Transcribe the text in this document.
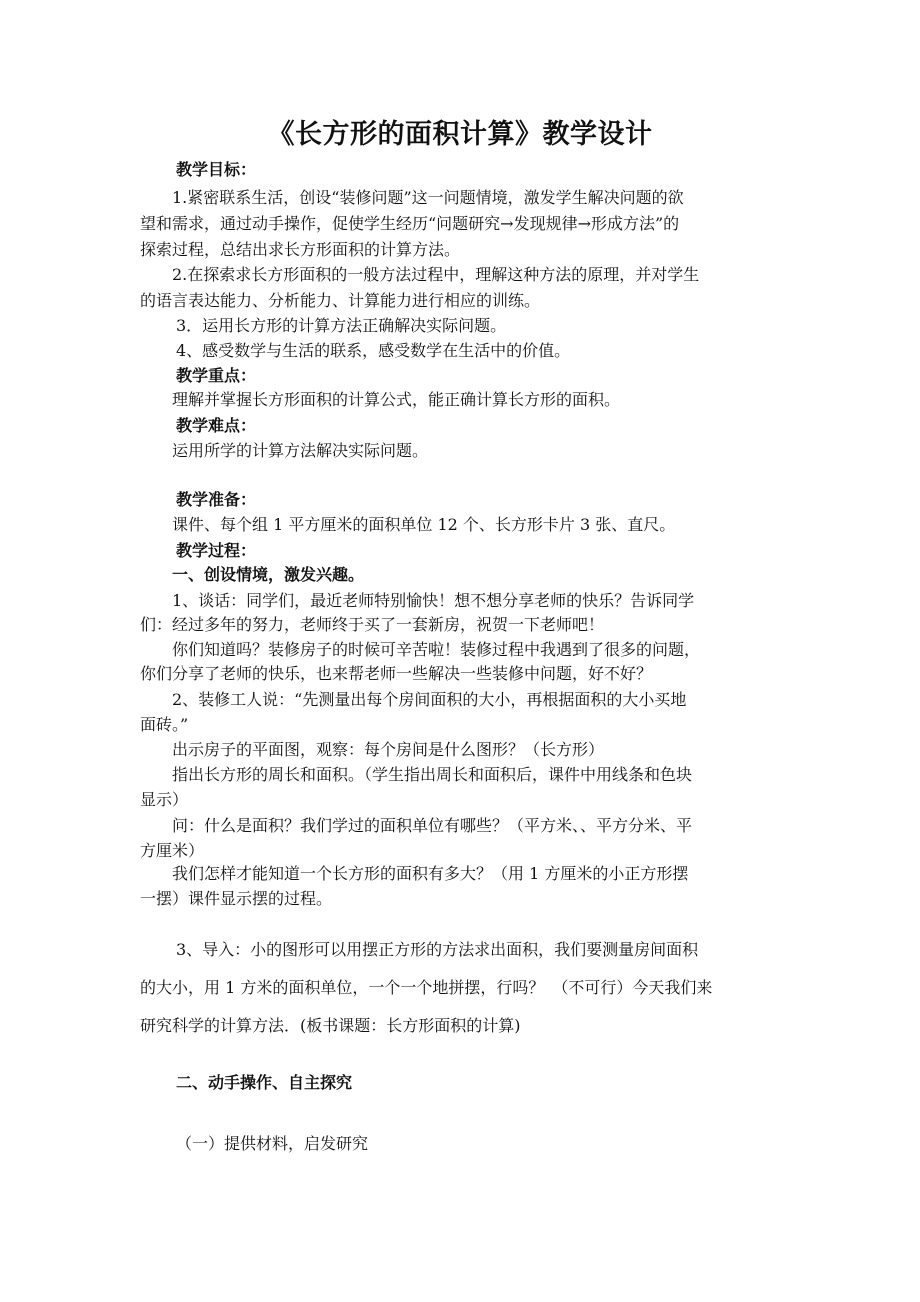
《长方形的面积计算》教学设计
教学目标：
1.紧密联系生活，创设“装修问题”这一问题情境，激发学生解决问题的欲
望和需求，通过动手操作，促使学生经历“问题研究→发现规律→形成方法”的
探索过程，总结出求长方形面积的计算方法。
2.在探索求长方形面积的一般方法过程中，理解这种方法的原理，并对学生
的语言表达能力、分析能力、计算能力进行相应的训练。
3．运用长方形的计算方法正确解决实际问题。
4、感受数学与生活的联系，感受数学在生活中的价值。
教学重点：
理解并掌握长方形面积的计算公式，能正确计算长方形的面积。
教学难点：
运用所学的计算方法解决实际问题。
教学准备：
课件、每个组 1 平方厘米的面积单位 12 个、长方形卡片 3 张、直尺。
教学过程：
一、创设情境，激发兴趣。
1、谈话：同学们，最近老师特别愉快！想不想分享老师的快乐？告诉同学
们：经过多年的努力，老师终于买了一套新房，祝贺一下老师吧！
你们知道吗？装修房子的时候可辛苦啦！装修过程中我遇到了很多的问题，
你们分享了老师的快乐，也来帮老师一些解决一些装修中问题，好不好？
2、装修工人说：“先测量出每个房间面积的大小，再根据面积的大小买地
面砖。”
出示房子的平面图，观察：每个房间是什么图形？（长方形）
指出长方形的周长和面积。（学生指出周长和面积后，课件中用线条和色块
显示）
问：什么是面积？我们学过的面积单位有哪些？（平方米、、平方分米、平
方厘米）
我们怎样才能知道一个长方形的面积有多大？（用 1 方厘米的小正方形摆
一摆）课件显示摆的过程。
3、导入：小的图形可以用摆正方形的方法求出面积，我们要测量房间面积
的大小，用 1 方米的面积单位，一个一个地拼摆，行吗？　（不可行）今天我们来
研究科学的计算方法．(板书课题：长方形面积的计算)
二、动手操作、自主探究
（一）提供材料，启发研究
